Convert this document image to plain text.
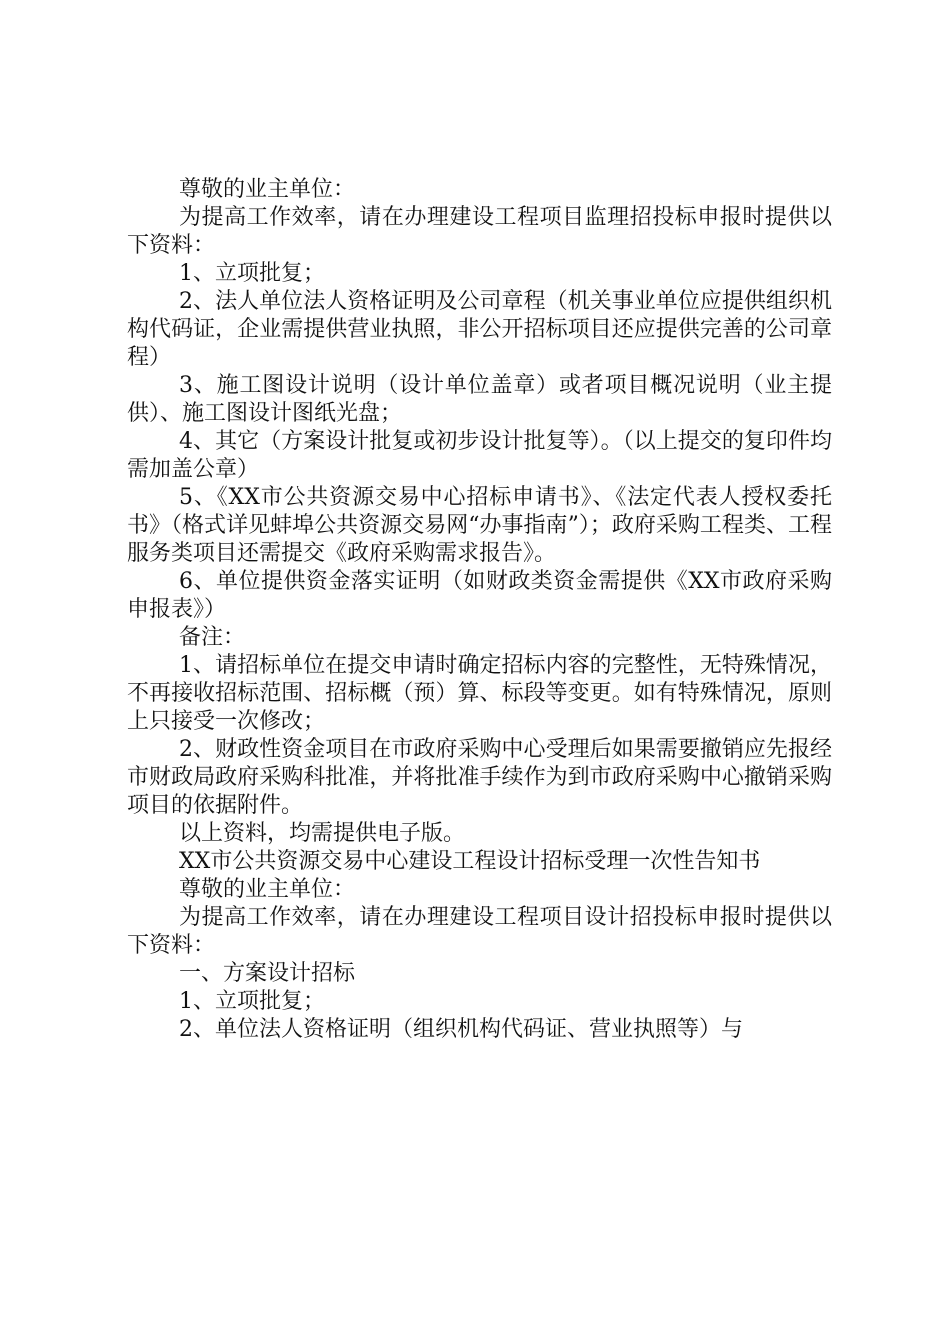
尊敬的业主单位：

为提高工作效率，请在办理建设工程项目监理招投标申报时提供以下资料：

1、立项批复；

2、法人单位法人资格证明及公司章程（机关事业单位应提供组织机构代码证，企业需提供营业执照，非公开招标项目还应提供完善的公司章程）

3、施工图设计说明（设计单位盖章）或者项目概况说明（业主提供）、施工图设计图纸光盘；

4、其它（方案设计批复或初步设计批复等）。（以上提交的复印件均需加盖公章）

5、《XX市公共资源交易中心招标申请书》、《法定代表人授权委托书》（格式详见蚌埠公共资源交易网“办事指南”）；政府采购工程类、工程服务类项目还需提交《政府采购需求报告》。

6、单位提供资金落实证明（如财政类资金需提供《XX市政府采购申报表》）

备注：

1、请招标单位在提交申请时确定招标内容的完整性，无特殊情况，不再接收招标范围、招标概（预）算、标段等变更。如有特殊情况，原则上只接受一次修改；

2、财政性资金项目在市政府采购中心受理后如果需要撤销应先报经市财政局政府采购科批准，并将批准手续作为到市政府采购中心撤销采购项目的依据附件。

以上资料，均需提供电子版。

XX市公共资源交易中心建设工程设计招标受理一次性告知书

尊敬的业主单位：

为提高工作效率，请在办理建设工程项目设计招投标申报时提供以下资料：

一、方案设计招标

1、立项批复；

2、单位法人资格证明（组织机构代码证、营业执照等）与
